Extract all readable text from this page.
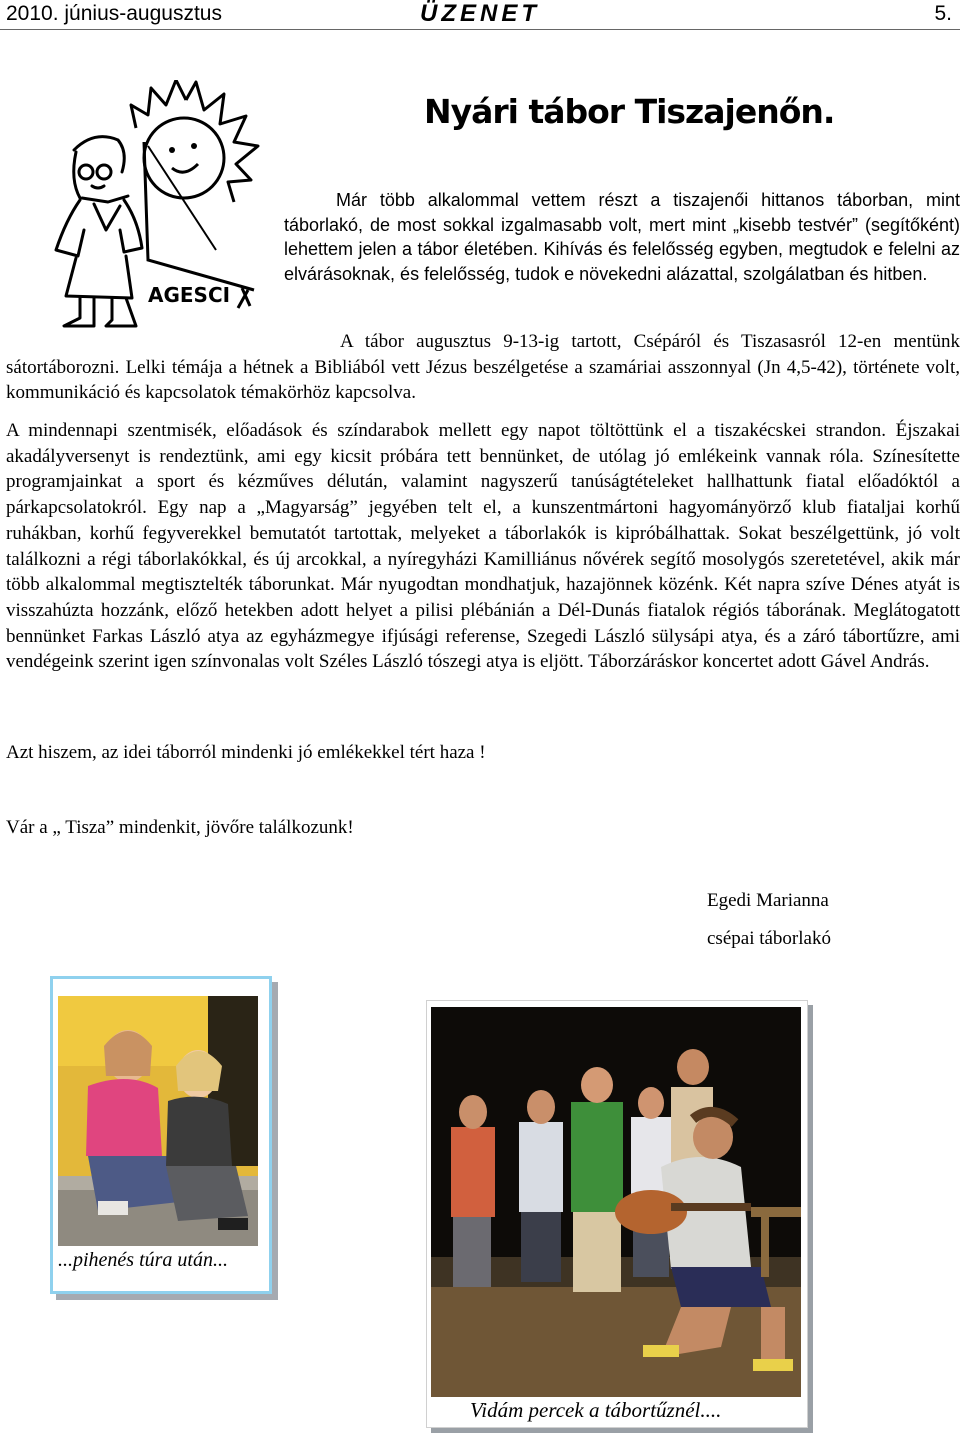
2010. június-augusztus	ÜZENET	5.
Nyári tábor Tiszajenőn.
AGESCI
Már több alkalommal vettem részt a tiszajenői hittanos táborban, mint táborlakó, de most sokkal izgalmasabb volt, mert mint „kisebb testvér” (segítőként) lehettem jelen a tábor életében. Kihívás és felelősség egyben, megtudok e felelni az elvárásoknak, és felelősség, tudok e növekedni alázattal, szolgálatban és hitben.
A tábor augusztus 9-13-ig tartott, Csépáról és Tiszasasról 12-en mentünk sátortáborozni. Lelki témája a hétnek a Bibliából vett Jézus beszélgetése a szamáriai asszonnyal (Jn 4,5-42), története volt, kommunikáció és kapcsolatok témakörhöz kapcsolva.
A mindennapi szentmisék, előadások és színdarabok mellett egy napot töltöttünk el a tiszakécskei strandon. Éjszakai akadályversenyt is rendeztünk, ami egy kicsit próbára tett bennünket, de utólag jó emlékeink vannak róla. Színesítette programjainkat a sport és kézműves délután, valamint nagyszerű tanúságtételeket hallhattunk fiatal előadóktól a párkapcsolatokról. Egy nap a „Magyarság” jegyében telt el, a kunszentmártoni hagyományörző klub fiataljai korhű ruhákban, korhű fegyverekkel bemutatót tartottak, melyeket a táborlakók is kipróbálhattak. Sokat beszélgettünk, jó volt találkozni a régi táborlakókkal, és új arcokkal, a nyíregyházi Kamilliánus nővérek segítő mosolygós szeretetével, akik már több alkalommal megtisztelték táborunkat. Már nyugodtan mondhatjuk, hazajönnek közénk. Két napra szíve Dénes atyát is visszahúzta hozzánk, előző hetekben adott helyet a pilisi plébánián a Dél-Dunás fiatalok régiós táborának. Meglátogatott bennünket Farkas László atya az egyházmegye ifjúsági referense, Szegedi László sülysápi atya, és a záró tábortűzre, ami vendégeink szerint igen színvonalas volt Széles László tószegi atya is eljött. Táborzáráskor koncertet adott Gável András.
Azt hiszem, az idei táborról mindenki jó emlékekkel tért haza !
Vár a „ Tisza” mindenkit, jövőre találkozunk!
Egedi Marianna
csépai táborlakó
...pihenés túra után...
Vidám percek a tábortűznél....
